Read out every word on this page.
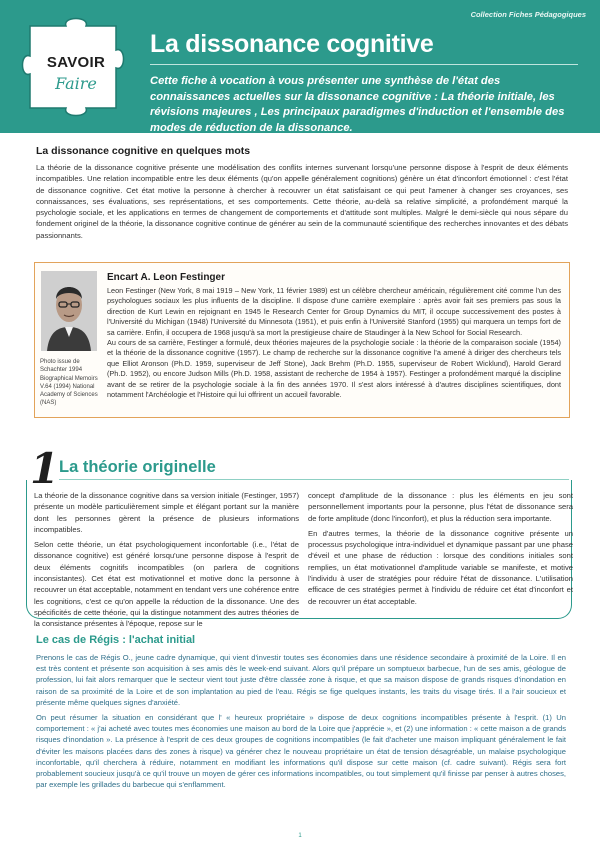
Collection Fiches Pédagogiques
La dissonance cognitive
Cette fiche à vocation à vous présenter une synthèse de l'état des connaissances actuelles sur la dissonance cognitive : La théorie initiale, les révisions majeures , Les principaux paradigmes d'induction et l'ensemble des modes de réduction de la dissonance.
SAVOIR
Faire
La dissonance cognitive en quelques mots

La théorie de la dissonance cognitive présente une modélisation des conflits internes survenant lorsqu'une personne dispose à l'esprit de deux éléments incompatibles. Une relation incompatible entre les deux éléments (qu'on appelle généralement cognitions) génère un état d'inconfort émotionnel : c'est l'état de dissonance cognitive. Cet état motive la personne à chercher à recouvrer un état satisfaisant ce qui peut l'amener à changer ses croyances, ses connaissances, ses évaluations, ses représentations, et ses comportements. Cette théorie, au-delà sa relative simplicité, a profondément marqué la psychologie sociale, et les applications en termes de changement de comportements et d'attitude sont multiples. Malgré le demi-siècle qui nous sépare du fondement originel de la théorie, la dissonance cognitive continue de générer au sein de la communauté scientifique des recherches innovantes et des débats passionnants.

Photo issue de Schachter 1994 Biographical Memoirs V.64 (1994) National Academy of Sciences (NAS)
Encart A. Leon Festinger

Leon Festinger (New York, 8 mai 1919 – New York, 11 février 1989) est un célèbre chercheur américain, régulièrement cité comme l'un des psychologues sociaux les plus influents de la discipline. Il dispose d'une carrière exemplaire : après avoir fait ses premiers pas sous la direction de Kurt Lewin en rejoignant en 1945 le Research Center for Group Dynamics du MIT, il occupe successivement des postes à l'Université du Michigan (1948) l'Université du Minnesota (1951), et puis enfin à l'Université Stanford (1955) qui marquera un temps fort de sa carrière. Enfin, il occupera de 1968 jusqu'à sa mort la prestigieuse chaire de Staudinger à la New School for Social Research.

Au cours de sa carrière, Festinger a formulé, deux théories majeures de la psychologie sociale : la théorie de la comparaison sociale (1954) et la théorie de la dissonance cognitive (1957). Le champ de recherche sur la dissonance cognitive l'a amené à diriger des chercheurs tels que Elliot Aronson (Ph.D. 1959, superviseur de Jeff Stone), Jack Brehm (Ph.D. 1955, superviseur de Robert Wicklund), Harold Gerard (Ph.D. 1952), ou encore Judson Mills (Ph.D. 1958, assistant de recherche de 1954 à 1957). Festinger a profondément marqué la discipline avant de se retirer de la psychologie sociale à la fin des années 1970. Il s'est alors intéressé à d'autres disciplines scientifiques, dont notamment l'Archéologie et l'Histoire qui lui offrirent un accueil favorable.

1 La théorie originelle

La théorie de la dissonance cognitive dans sa version initiale (Festinger, 1957) présente un modèle particulièrement simple et élégant portant sur la manière dont les personnes gèrent la présence de plusieurs informations incompatibles.

Selon cette théorie, un état psychologiquement inconfortable (i.e., l'état de dissonance cognitive) est généré lorsqu'une personne dispose à l'esprit de deux éléments cognitifs incompatibles (on parlera de cognitions inconsistantes). Cet état est motivationnel et motive donc la personne à recouvrer un état acceptable, notamment en tendant vers une cohérence entre les cognitions, c'est ce qu'on appelle la réduction de la dissonance. Une des spécificités de cette théorie, qui la distingue notamment des autres théories de la consistance présentes à l'époque, repose sur le

concept d'amplitude de la dissonance : plus les éléments en jeu sont personnellement importants pour la personne, plus l'état de dissonance sera de forte amplitude (donc l'inconfort), et plus la réduction sera importante.

En d'autres termes, la théorie de la dissonance cognitive présente un processus psychologique intra-individuel et dynamique passant par une phase d'éveil et une phase de réduction : lorsque des conditions initiales sont remplies, un état motivationnel d'amplitude variable se manifeste, et motive l'individu à user de stratégies pour réduire l'état de dissonance. L'utilisation efficace de ces stratégies permet à l'individu de réduire cet état d'inconfort et de recouvrer un état acceptable.

Le cas de Régis : l'achat initial

Prenons le cas de Régis O., jeune cadre dynamique, qui vient d'investir toutes ses économies dans une résidence secondaire à proximité de la Loire. Il en est très content et présente son acquisition à ses amis dès le week-end suivant. Alors qu'il prépare un somptueux barbecue, l'un de ses amis, géologue de profession, lui fait alors remarquer que le secteur vient tout juste d'être classée zone à risque, et que sa maison dispose de grands risques d'inondation en raison de sa proximité de la Loire et de son implantation au pied de l'eau. Régis se fige quelques instants, les traits du visage tirés. Il a l'air soucieux et présente même quelques signes d'anxiété.

On peut résumer la situation en considérant que l' « heureux propriétaire » dispose de deux cognitions incompatibles présente à l'esprit. (1) Un comportement : « j'ai acheté avec toutes mes économies une maison au bord de la Loire que j'apprécie », et (2) une information : « cette maison a de grands risques d'inondation ». La présence à l'esprit de ces deux groupes de cognitions incompatibles (le fait d'acheter une maison impliquant généralement le fait d'éviter les maisons placées dans des zones à risque) va générer chez le nouveau propriétaire un état de tension désagréable, un malaise psychologique inconfortable, qu'il cherchera à réduire, notamment en modifiant les informations qu'il dispose sur cette maison (cf. cadre suivant). Régis sera fort probablement soucieux jusqu'à ce qu'il trouve un moyen de gérer ces informations incompatibles, ou tout simplement qu'il finisse par penser à autres choses, par exemple les grillades du barbecue qui s'enflamment.

1
